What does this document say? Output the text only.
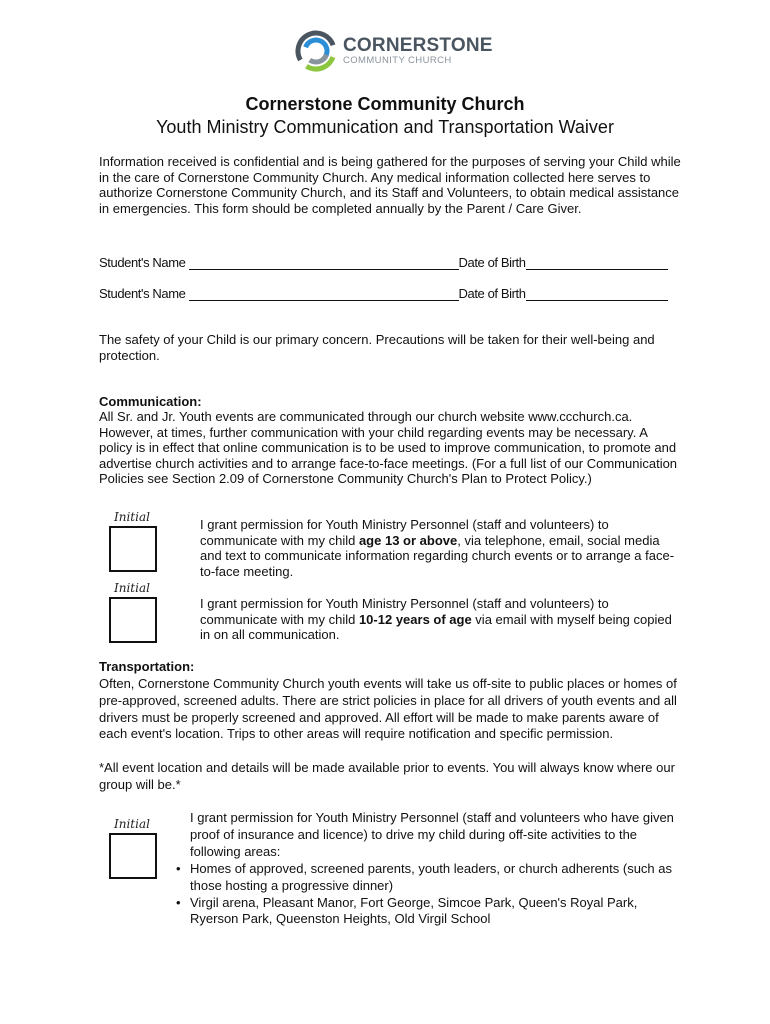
CORNERSTONE
COMMUNITY CHURCH
Cornerstone Community Church
Youth Ministry Communication and Transportation Waiver
Information received is confidential and is being gathered for the purposes of serving your Child while in the care of Cornerstone Community Church. Any medical information collected here serves to authorize Cornerstone Community Church, and its Staff and Volunteers, to obtain medical assistance in emergencies. This form should be completed annually by the Parent / Care Giver.
Student's Name	Date of Birth
Student's Name	Date of Birth
The safety of your Child is our primary concern. Precautions will be taken for their well-being and protection.
Communication:
All Sr. and Jr. Youth events are communicated through our church website www.ccchurch.ca. However, at times, further communication with your child regarding events may be necessary. A policy is in effect that online communication is to be used to improve communication, to promote and advertise church activities and to arrange face-to-face meetings. (For a full list of our Communication Policies see Section 2.09 of Cornerstone Community Church's Plan to Protect Policy.)
Initial	I grant permission for Youth Ministry Personnel (staff and volunteers) to communicate with my child age 13 or above, via telephone, email, social media and text to communicate information regarding church events or to arrange a face-to-face meeting.
Initial
I grant permission for Youth Ministry Personnel (staff and volunteers) to communicate with my child 10-12 years of age via email with myself being copied in on all communication.
Transportation:
Often, Cornerstone Community Church youth events will take us off-site to public places or homes of pre-approved, screened adults. There are strict policies in place for all drivers of youth events and all drivers must be properly screened and approved. All effort will be made to make parents aware of each event's location. Trips to other areas will require notification and specific permission.
*All event location and details will be made available prior to events. You will always know where our group will be.*
Initial	I grant permission for Youth Ministry Personnel (staff and volunteers who have given proof of insurance and licence) to drive my child during off-site activities to the following areas:
• Homes of approved, screened parents, youth leaders, or church adherents (such as those hosting a progressive dinner)
• Virgil arena, Pleasant Manor, Fort George, Simcoe Park, Queen's Royal Park, Ryerson Park, Queenston Heights, Old Virgil School
